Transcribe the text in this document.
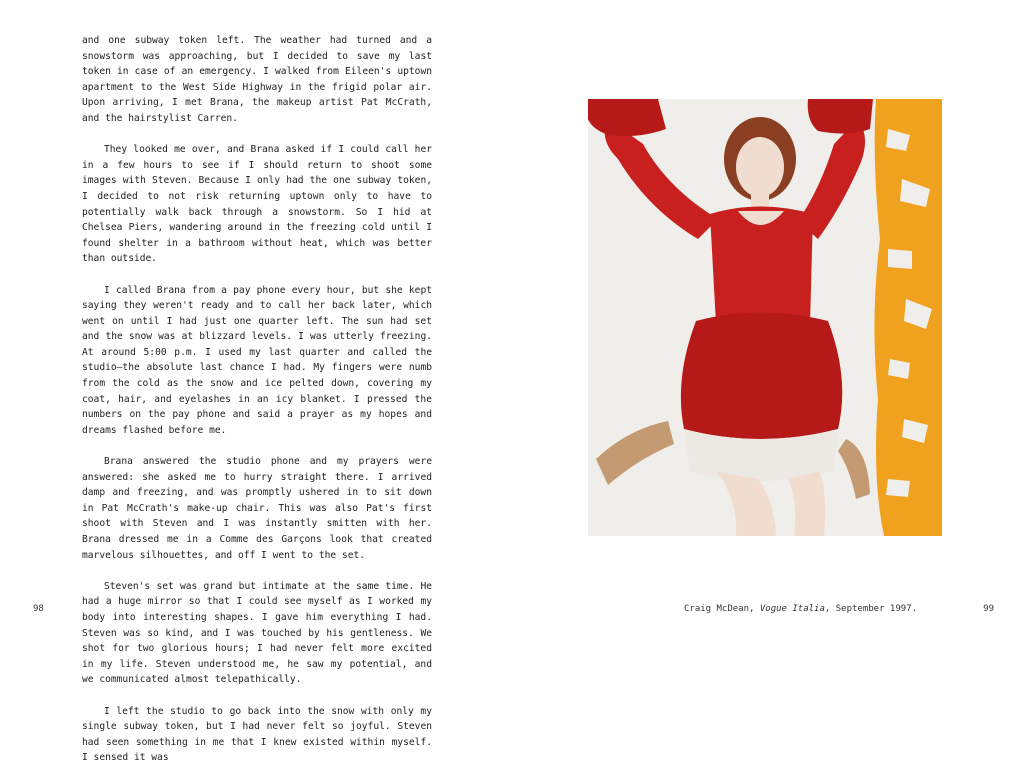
and one subway token left. The weather had turned and a snowstorm was approaching, but I decided to save my last token in case of an emergency. I walked from Eileen's uptown apartment to the West Side Highway in the frigid polar air. Upon arriving, I met Brana, the makeup artist Pat McCrath, and the hairstylist Carren.

They looked me over, and Brana asked if I could call her in a few hours to see if I should return to shoot some images with Steven. Because I only had the one subway token, I decided to not risk returning uptown only to have to potentially walk back through a snowstorm. So I hid at Chelsea Piers, wandering around in the freezing cold until I found shelter in a bathroom without heat, which was better than outside.

I called Brana from a pay phone every hour, but she kept saying they weren't ready and to call her back later, which went on until I had just one quarter left. The sun had set and the snow was at blizzard levels. I was utterly freezing. At around 5:00 p.m. I used my last quarter and called the studio—the absolute last chance I had. My fingers were numb from the cold as the snow and ice pelted down, covering my coat, hair, and eyelashes in an icy blanket. I pressed the numbers on the pay phone and said a prayer as my hopes and dreams flashed before me.

Brana answered the studio phone and my prayers were answered: she asked me to hurry straight there. I arrived damp and freezing, and was promptly ushered in to sit down in Pat McCrath's make-up chair. This was also Pat's first shoot with Steven and I was instantly smitten with her. Brana dressed me in a Comme des Garçons look that created marvelous silhouettes, and off I went to the set.

Steven's set was grand but intimate at the same time. He had a huge mirror so that I could see myself as I worked my body into interesting shapes. I gave him everything I had. Steven was so kind, and I was touched by his gentleness. We shot for two glorious hours; I had never felt more excited in my life. Steven understood me, he saw my potential, and we communicated almost telepathically.

I left the studio to go back into the snow with only my single subway token, but I had never felt so joyful. Steven had seen something in me that I knew existed within myself. I sensed it was

98	Craig McDean, Vogue Italia, September 1997.	99
